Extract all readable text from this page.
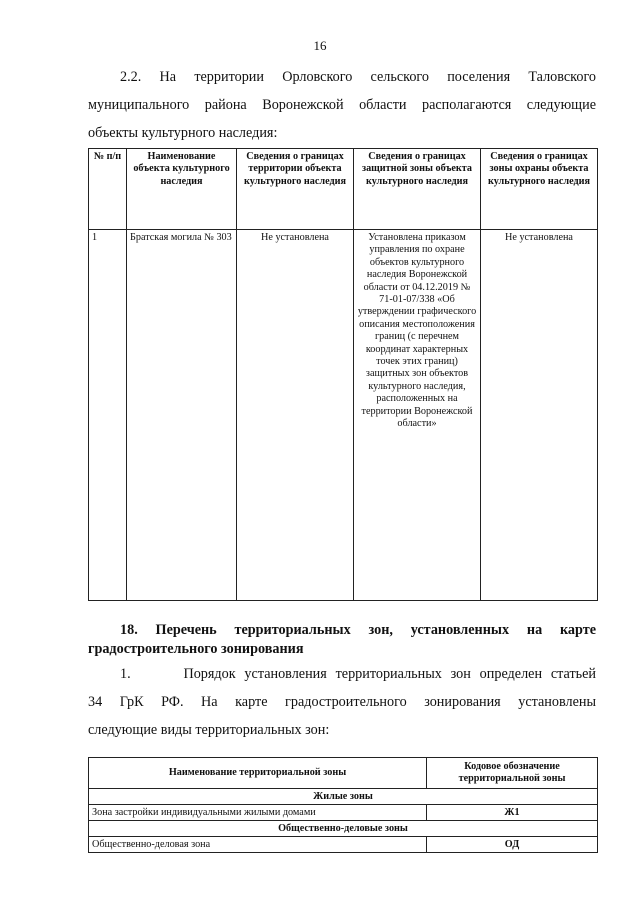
16
2.2. На территории Орловского сельского поселения Таловского
муниципального района Воронежской области располагаются следующие
объекты культурного наследия:
№ п/п	Наименование объекта культурного наследия	Сведения о границах территории объекта культурного наследия	Сведения о границах защитной зоны объекта культурного наследия	Сведения о границах зоны охраны объекта культурного наследия
1	Братская могила № 303	Не установлена	Установлена приказом управления по охране объектов культурного наследия Воронежской области от 04.12.2019 № 71-01-07/338 «Об утверждении графического описания местоположения границ (с перечнем координат характерных точек этих границ) защитных зон объектов культурного наследия, расположенных на территории Воронежской области»	Не установлена
18. Перечень территориальных зон, установленных на карте
градостроительного зонирования
1.      Порядок установления территориальных зон определен статьей
34 ГрК РФ. На карте градостроительного зонирования установлены
следующие виды территориальных зон:
Наименование территориальной зоны	Кодовое обозначение территориальной зоны
Жилые зоны	
Зона застройки индивидуальными жилыми домами	Ж1
Общественно-деловые зоны	
Общественно-деловая зона	ОД
